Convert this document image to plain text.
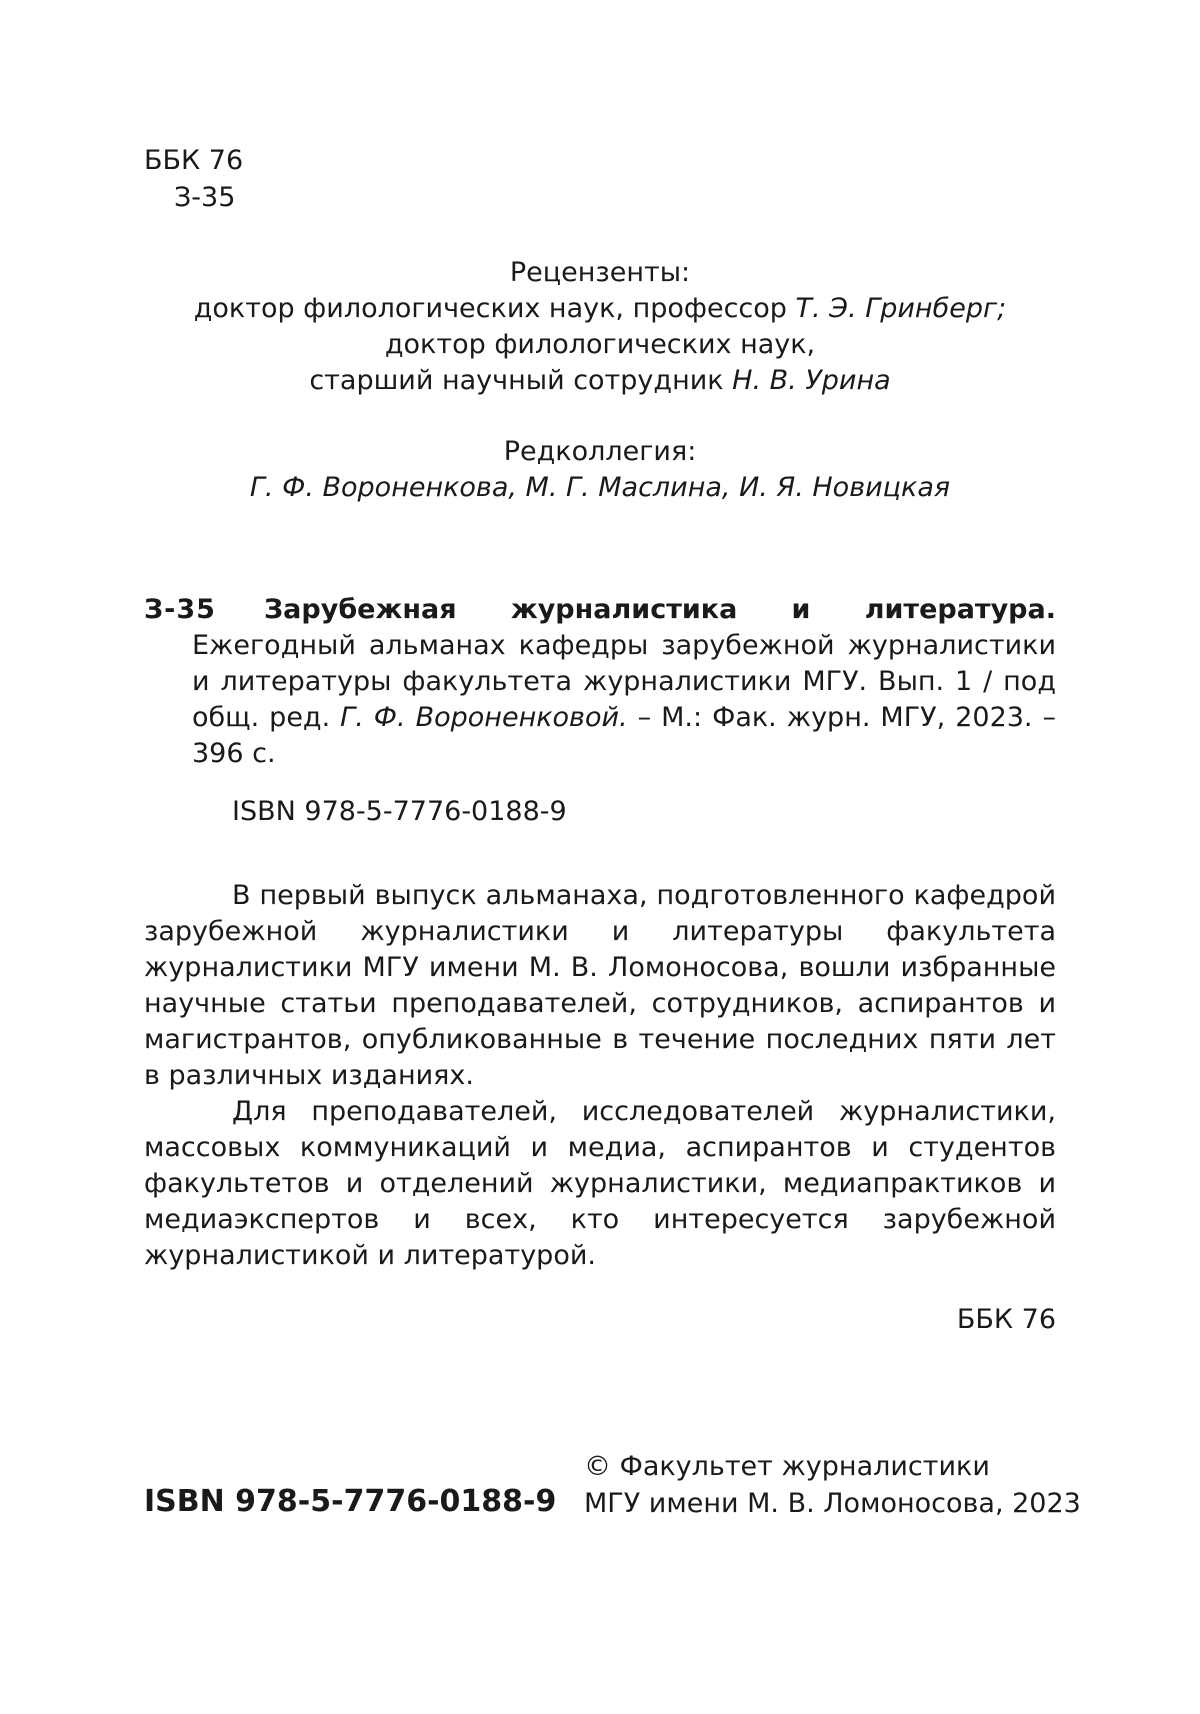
ББК 76
З-35
Рецензенты:
доктор филологических наук, профессор Т. Э. Гринберг;
доктор филологических наук,
старший научный сотрудник Н. В. Урина
Редколлегия:
Г. Ф. Вороненкова, М. Г. Маслина, И. Я. Новицкая
З-35	Зарубежная журналистика и литература. Ежегодный альманах кафедры зарубежной журналистики и литературы факультета журналистики МГУ. Вып. 1 / под общ. ред. Г. Ф. Вороненковой. – М.: Фак. журн. МГУ, 2023. – 396 с.
ISBN 978-5-7776-0188-9

В первый выпуск альманаха, подготовленного кафедрой зарубежной журналистики и литературы факультета журналистики МГУ имени М. В. Ломоносова, вошли избранные научные статьи преподавателей, сотрудников, аспирантов и магистрантов, опубликованные в течение последних пяти лет в различных изданиях.

Для преподавателей, исследователей журналистики, массовых коммуникаций и медиа, аспирантов и студентов факультетов и отделений журналистики, медиапрактиков и медиаэкспертов и всех, кто интересуется зарубежной журналистикой и литературой.

ББК 76
© Факультет журналистики
МГУ имени М. В. Ломоносова, 2023
ISBN 978-5-7776-0188-9
